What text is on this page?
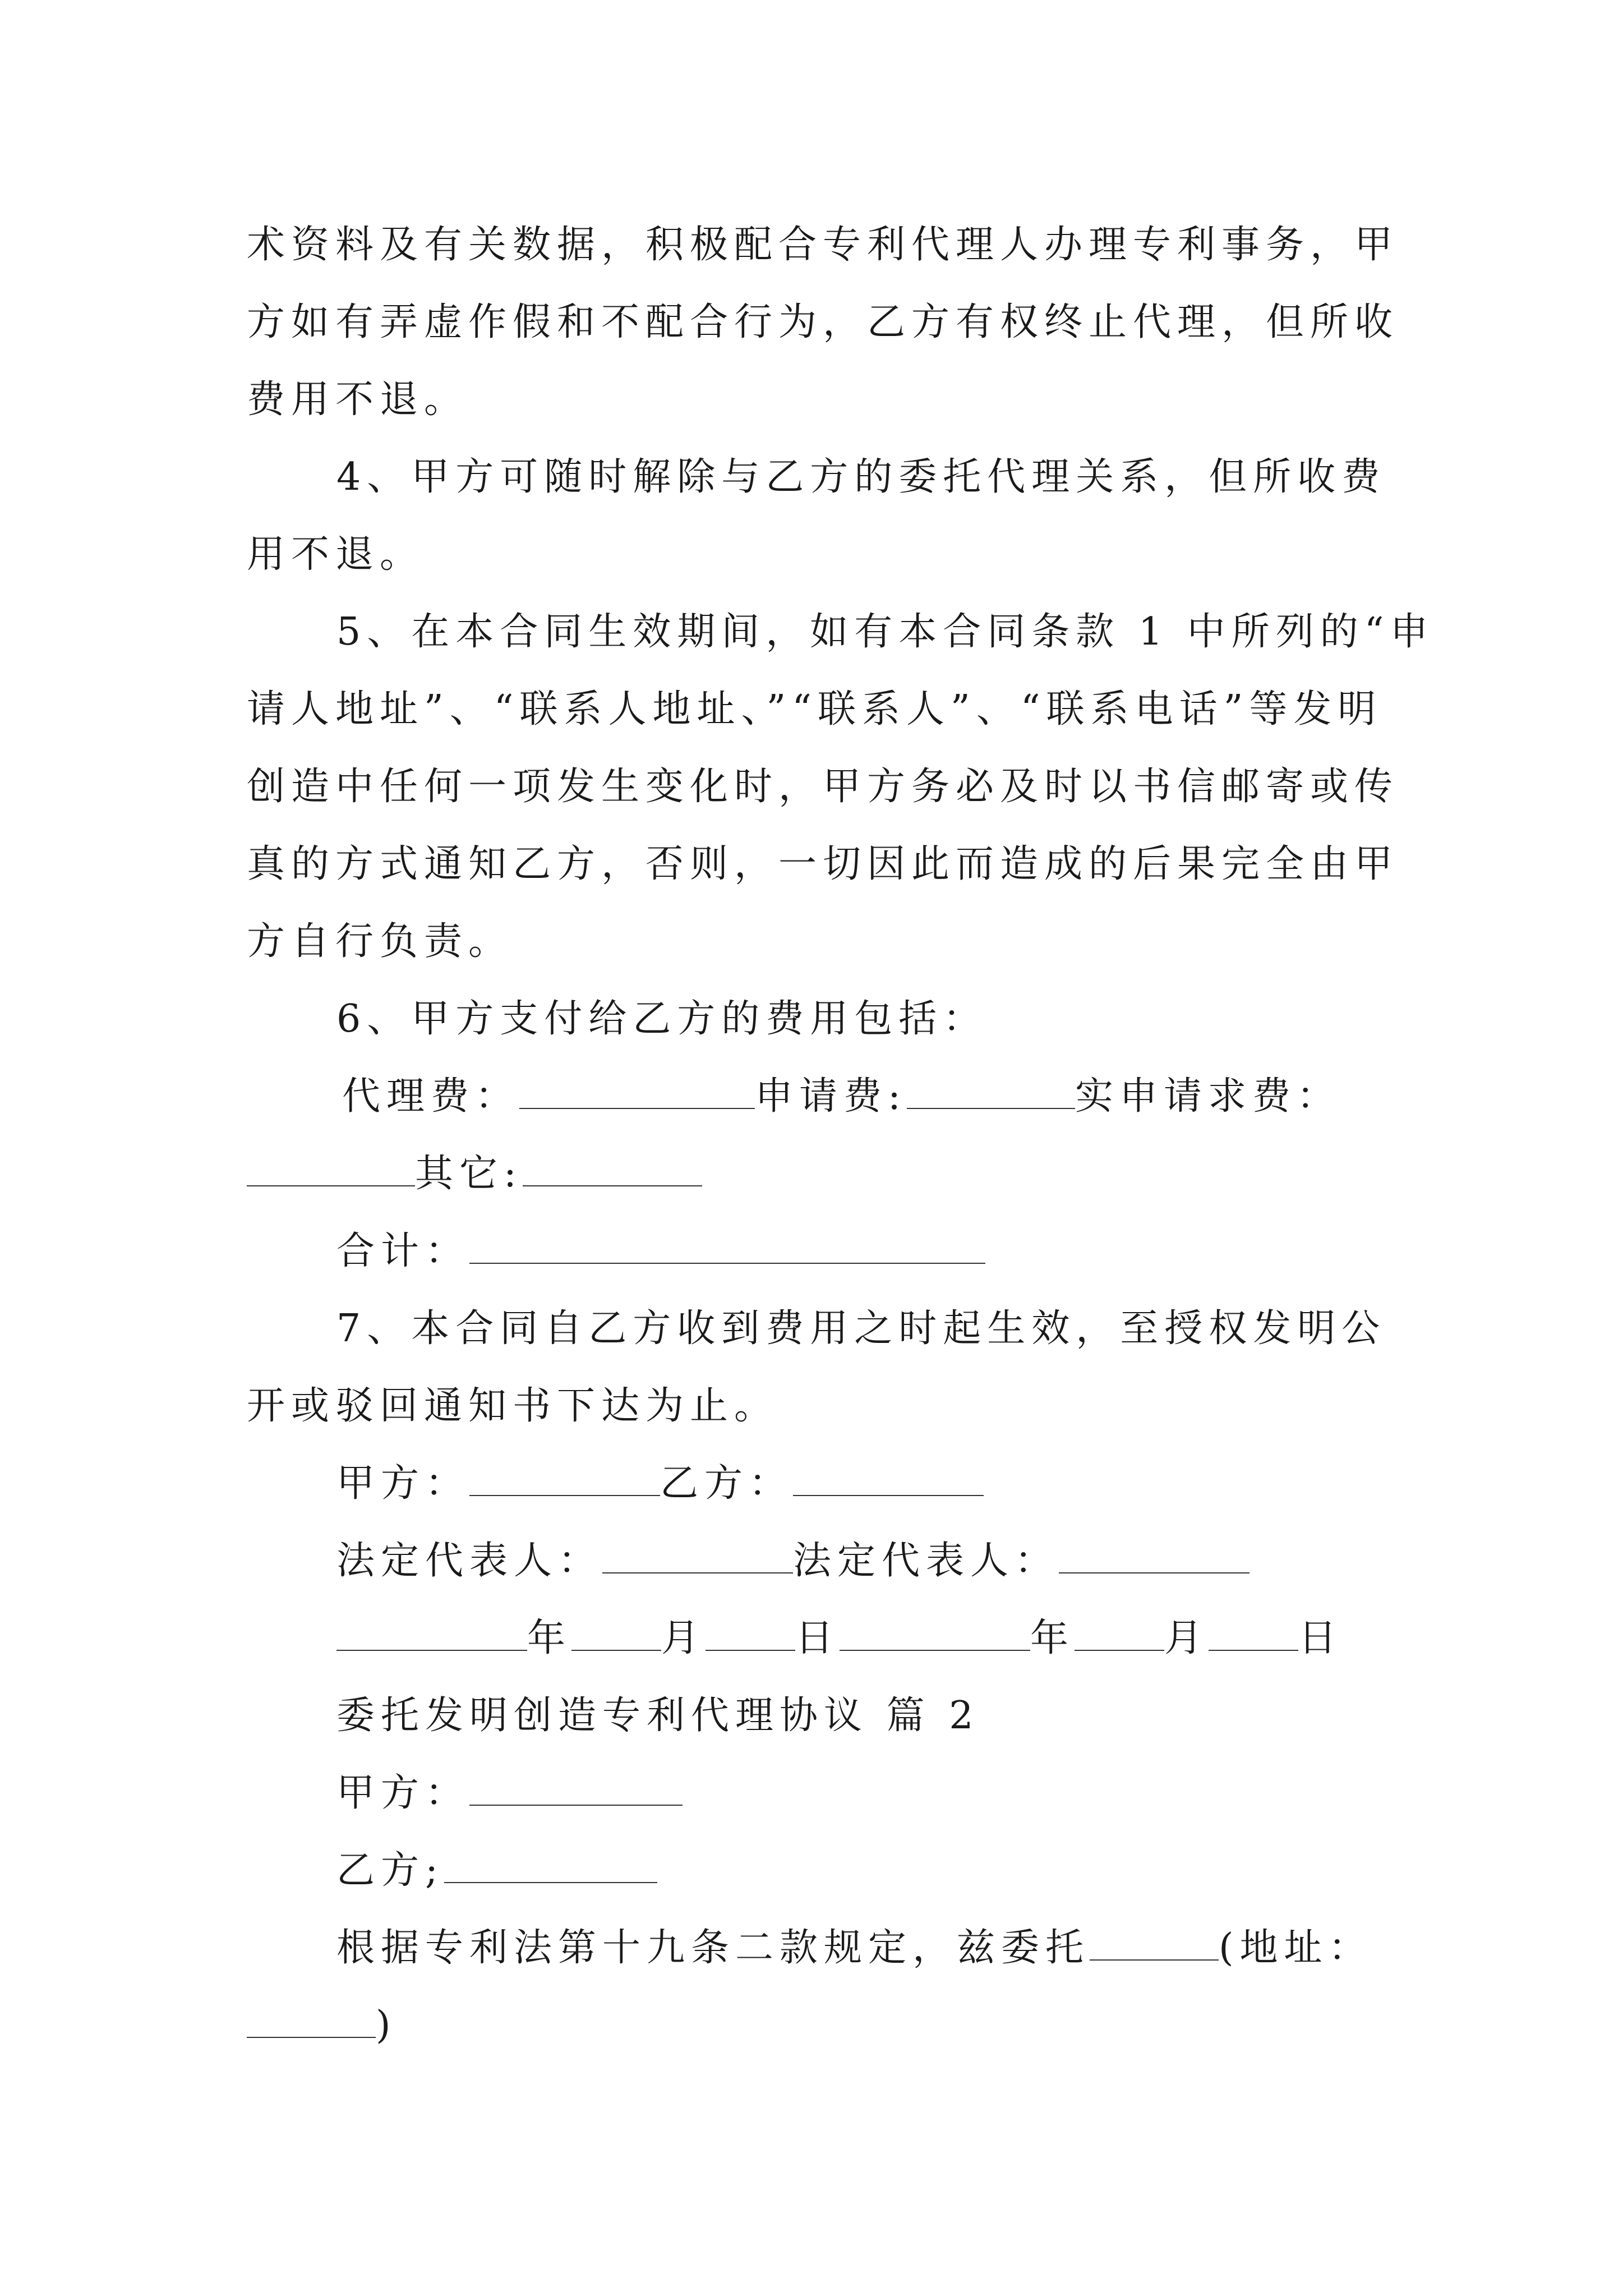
术资料及有关数据，积极配合专利代理人办理专利事务，甲
方如有弄虚作假和不配合行为，乙方有权终止代理，但所收
费用不退。
4、甲方可随时解除与乙方的委托代理关系，但所收费
用不退。
5、在本合同生效期间，如有本合同条款 1 中所列的“申
请人地址”、“联系人地址、”“联系人”、“联系电话”等发明
创造中任何一项发生变化时，甲方务必及时以书信邮寄或传
真的方式通知乙方，否则，一切因此而造成的后果完全由甲
方自行负责。
6、甲方支付给乙方的费用包括：
代理费：	申请费:	实申请求费：
其它:
合计：
7、本合同自乙方收到费用之时起生效，至授权发明公
开或驳回通知书下达为止。
甲方：	乙方：
法定代表人：	法定代表人：
年 月 日	年 月 日
委托发明创造专利代理协议 篇 2
甲方：
乙方;
根据专利法第十九条二款规定，兹委托	(地址：
)
